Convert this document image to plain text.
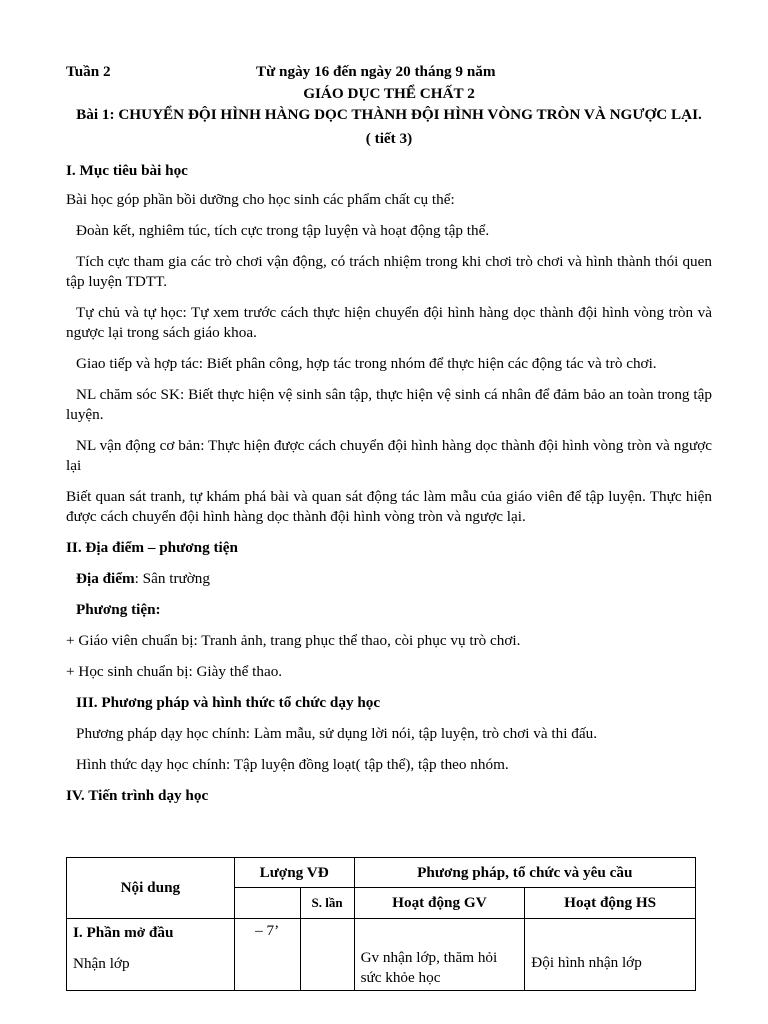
Tuần 2	Từ ngày 16 đến ngày 20 tháng 9 năm
GIÁO DỤC THỂ CHẤT 2
Bài 1: CHUYỂN ĐỘI HÌNH HÀNG DỌC THÀNH ĐỘI HÌNH VÒNG TRÒN VÀ NGƯỢC LẠI.
( tiết 3)
I. Mục tiêu bài học

Bài học góp phần bồi dưỡng cho học sinh các phẩm chất cụ thể:

Đoàn kết, nghiêm túc, tích cực trong tập luyện và hoạt động tập thể.

Tích cực tham gia các trò chơi vận động, có trách nhiệm trong khi chơi trò chơi và hình thành thói quen tập luyện TDTT.

Tự chủ và tự học: Tự xem trước cách thực hiện chuyển đội hình hàng dọc thành đội hình vòng tròn và ngược lại trong sách giáo khoa.

Giao tiếp và hợp tác: Biết phân công, hợp tác trong nhóm để thực hiện các động tác và trò chơi.

NL chăm sóc SK: Biết thực hiện vệ sinh sân tập, thực hiện vệ sinh cá nhân để đảm bảo an toàn trong tập luyện.

NL vận động cơ bản: Thực hiện được cách chuyển đội hình hàng dọc thành đội hình vòng tròn và ngược lại

Biết quan sát tranh, tự khám phá bài và quan sát động tác làm mẫu của giáo viên để tập luyện. Thực hiện được cách chuyển đội hình hàng dọc thành đội hình vòng tròn và ngược lại.

II. Địa điểm – phương tiện

Địa điểm: Sân trường

Phương tiện:

+ Giáo viên chuẩn bị: Tranh ảnh, trang phục thể thao, còi phục vụ trò chơi.

+ Học sinh chuẩn bị: Giày thể thao.

III. Phương pháp và hình thức tổ chức dạy học

Phương pháp dạy học chính: Làm mẫu, sử dụng lời nói, tập luyện, trò chơi và thi đấu.

Hình thức dạy học chính: Tập luyện đồng loạt( tập thể), tập theo nhóm.

IV. Tiến trình dạy học
Nội dung	Lượng VĐ		Phương pháp, tổ chức và yêu cầu	
		S. lần	Hoạt động GV	Hoạt động HS

I. Phần mở đầu
Nhận lớp	– 7’		Gv nhận lớp, thăm hỏi sức khỏe học	Đội hình nhận lớp
